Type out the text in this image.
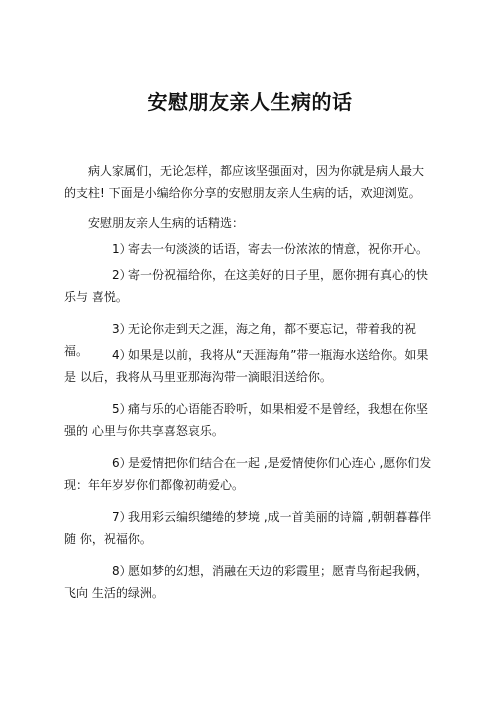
安慰朋友亲人生病的话

病人家属们，无论怎样，都应该坚强面对，因为你就是病人最大 的支柱! 下面是小编给你分享的安慰朋友亲人生病的话，欢迎浏览。

安慰朋友亲人生病的话精选：

1）寄去一句淡淡的话语，寄去一份浓浓的情意，祝你开心。

2）寄一份祝福给你，在这美好的日子里，愿你拥有真心的快乐与 喜悦。

3）无论你走到天之涯，海之角，都不要忘记，带着我的祝福。	4）如果是以前，我将从“天涯海角”带一瓶海水送给你。如果是 以后，我将从马里亚那海沟带一滴眼泪送给你。

5）痛与乐的心语能否聆听，如果相爱不是曾经，我想在你坚强的 心里与你共享喜怒哀乐。

6）是爱情把你们结合在一起 ,是爱情使你们心连心 ,愿你们发现：年年岁岁你们都像初萌爱心。

7）我用彩云编织缱绻的梦境 ,成一首美丽的诗篇 ,朝朝暮暮伴随 你，祝福你。

8）愿如梦的幻想，消融在天边的彩霞里；愿青鸟衔起我俩，飞向 生活的绿洲。
